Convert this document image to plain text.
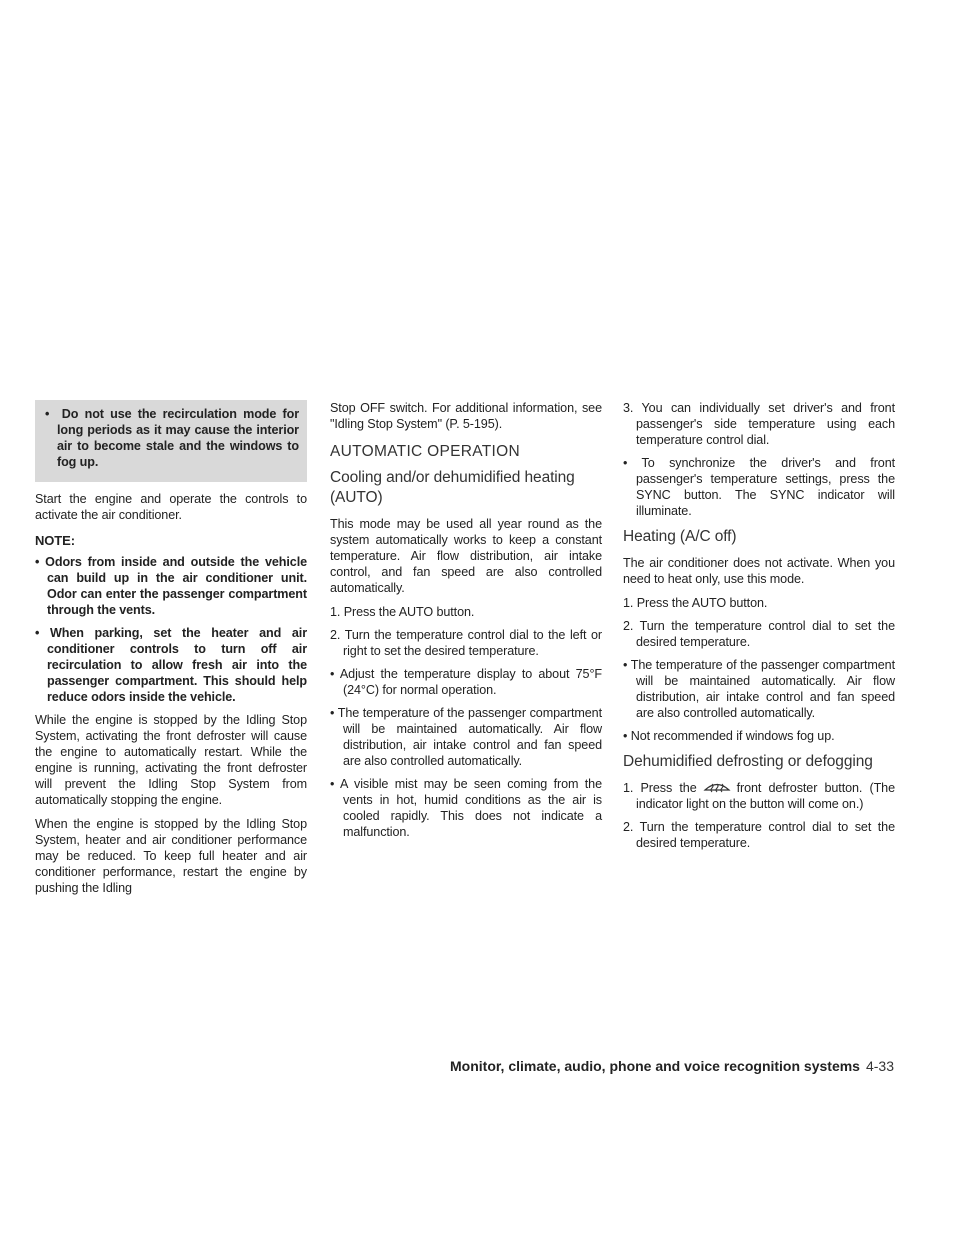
•  Do not use the recirculation mode for long periods as it may cause the interior air to become stale and the windows to fog up.

Start the engine and operate the controls to activate the air conditioner.

NOTE:
• Odors from inside and outside the vehicle can build up in the air conditioner unit. Odor can enter the passenger compartment through the vents.
• When parking, set the heater and air conditioner controls to turn off air recirculation to allow fresh air into the passenger compartment. This should help reduce odors inside the vehicle.

While the engine is stopped by the Idling Stop System, activating the front defroster will cause the engine to automatically restart. While the engine is running, activating the front defroster will prevent the Idling Stop System from automatically stopping the engine.

When the engine is stopped by the Idling Stop System, heater and air conditioner performance may be reduced. To keep full heater and air conditioner performance, restart the engine by pushing the Idling

Stop OFF switch. For additional information, see "Idling Stop System" (P. 5-195).

AUTOMATIC OPERATION
Cooling and/or dehumidified heating (AUTO)

This mode may be used all year round as the system automatically works to keep a constant temperature. Air flow distribution, air intake control, and fan speed are also controlled automatically.

1. Press the AUTO button.
2. Turn the temperature control dial to the left or right to set the desired temperature.
• Adjust the temperature display to about 75°F (24°C) for normal operation.
• The temperature of the passenger compartment will be maintained automatically. Air flow distribution, air intake control and fan speed are also controlled automatically.
• A visible mist may be seen coming from the vents in hot, humid conditions as the air is cooled rapidly. This does not indicate a malfunction.
3. You can individually set driver's and front passenger's side temperature using each temperature control dial.
• To synchronize the driver's and front passenger's temperature settings, press the SYNC button. The SYNC indicator will illuminate.
Heating (A/C off)

The air conditioner does not activate. When you need to heat only, use this mode.

1. Press the AUTO button.
2. Turn the temperature control dial to set the desired temperature.
• The temperature of the passenger compartment will be maintained automatically. Air flow distribution, air intake control and fan speed are also controlled automatically.
• Not recommended if windows fog up.
Dehumidified defrosting or defogging
1. Press the	front defroster button. (The indicator light on the button will come on.)
2. Turn the temperature control dial to set the desired temperature.
Monitor, climate, audio, phone and voice recognition systems 4-33
